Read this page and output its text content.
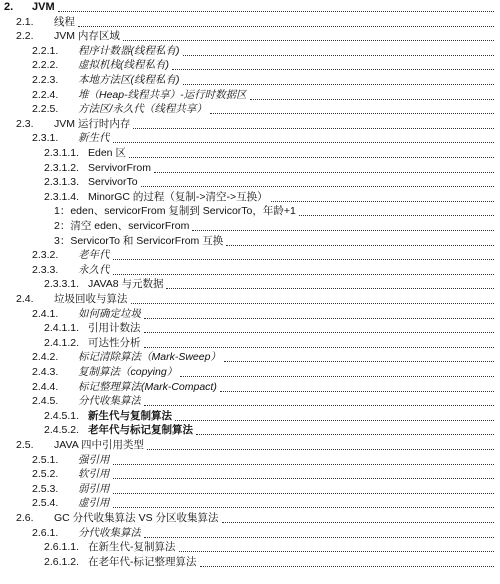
2.	JVM
2.1.	线程
2.2.	JVM 内存区域
2.2.1.	程序计数器(线程私有)
2.2.2.	虚拟机栈(线程私有)
2.2.3.	本地方法区(线程私有)
2.2.4.	堆（Heap-线程共享）-运行时数据区
2.2.5.	方法区/永久代（线程共享）
2.3.	JVM 运行时内存
2.3.1.	新生代
2.3.1.1. Eden 区
2.3.1.2. ServivorFrom
2.3.1.3. ServivorTo
2.3.1.4. MinorGC 的过程（复制->清空->互换）
1：eden、servicorFrom 复制到 ServicorTo，年龄+1
2：清空 eden、servicorFrom
3：ServicorTo 和 ServicorFrom 互换
2.3.2.	老年代
2.3.3.	永久代
2.3.3.1. JAVA8 与元数据
2.4.	垃圾回收与算法
2.4.1.	如何确定垃圾
2.4.1.1. 引用计数法
2.4.1.2. 可达性分析
2.4.2.	标记清除算法（Mark-Sweep）
2.4.3.	复制算法（copying）
2.4.4.	标记整理算法(Mark-Compact)
2.4.5.	分代收集算法
2.4.5.1. 新生代与复制算法
2.4.5.2. 老年代与标记复制算法
2.5.	JAVA 四中引用类型
2.5.1.	强引用
2.5.2.	软引用
2.5.3.	弱引用
2.5.4.	虚引用
2.6.	GC 分代收集算法 VS 分区收集算法
2.6.1.	分代收集算法
2.6.1.1. 在新生代-复制算法
2.6.1.2. 在老年代-标记整理算法
